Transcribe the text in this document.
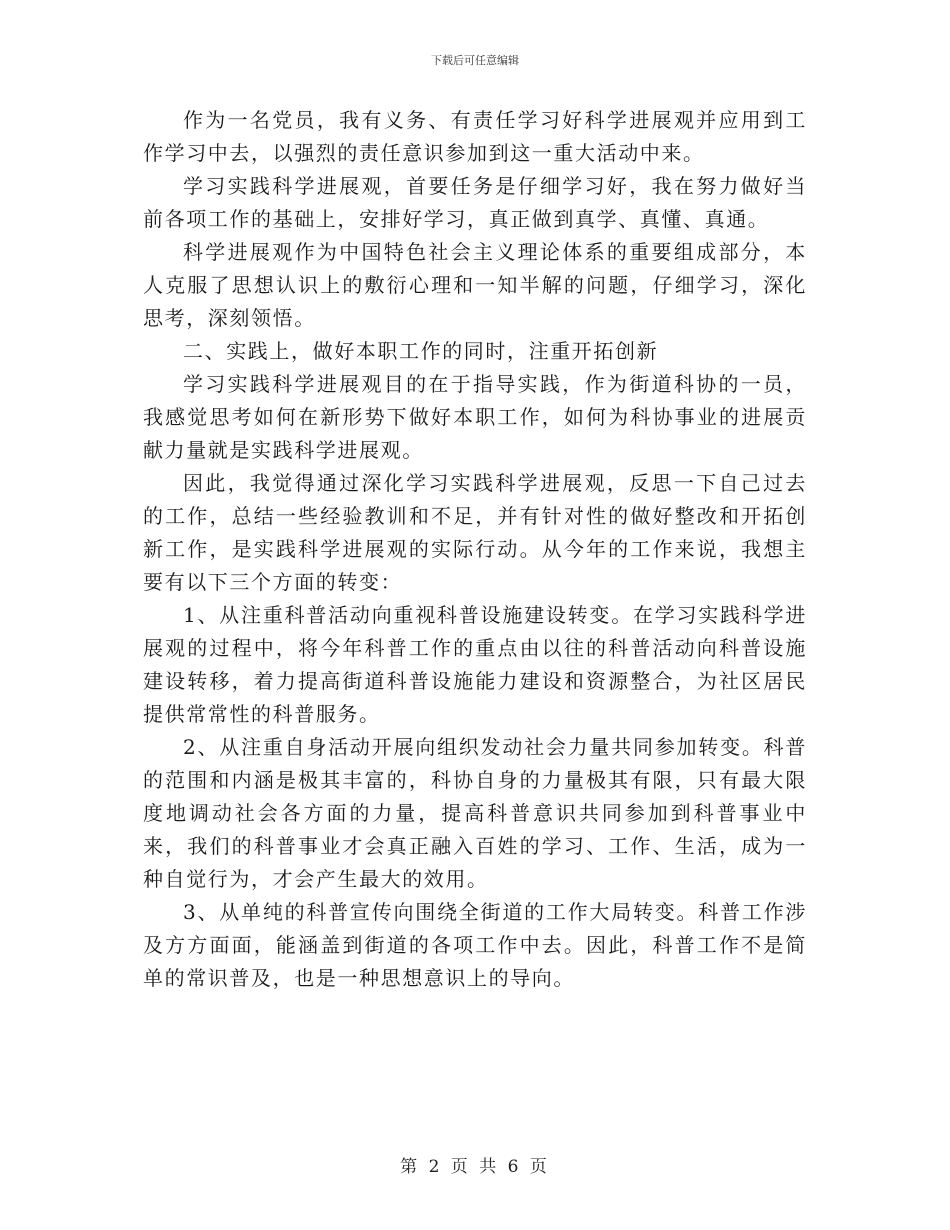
下载后可任意编辑

作为一名党员，我有义务、有责任学习好科学进展观并应用到工作学习中去，以强烈的责任意识参加到这一重大活动中来。

学习实践科学进展观，首要任务是仔细学习好，我在努力做好当前各项工作的基础上，安排好学习，真正做到真学、真懂、真通。

科学进展观作为中国特色社会主义理论体系的重要组成部分，本人克服了思想认识上的敷衍心理和一知半解的问题，仔细学习，深化思考，深刻领悟。

二、实践上，做好本职工作的同时，注重开拓创新

学习实践科学进展观目的在于指导实践，作为街道科协的一员，我感觉思考如何在新形势下做好本职工作，如何为科协事业的进展贡献力量就是实践科学进展观。

因此，我觉得通过深化学习实践科学进展观，反思一下自己过去的工作，总结一些经验教训和不足，并有针对性的做好整改和开拓创新工作，是实践科学进展观的实际行动。从今年的工作来说，我想主要有以下三个方面的转变：

1、从注重科普活动向重视科普设施建设转变。在学习实践科学进展观的过程中，将今年科普工作的重点由以往的科普活动向科普设施建设转移，着力提高街道科普设施能力建设和资源整合，为社区居民提供常常性的科普服务。

2、从注重自身活动开展向组织发动社会力量共同参加转变。科普的范围和内涵是极其丰富的，科协自身的力量极其有限，只有最大限度地调动社会各方面的力量，提高科普意识共同参加到科普事业中来，我们的科普事业才会真正融入百姓的学习、工作、生活，成为一种自觉行为，才会产生最大的效用。

3、从单纯的科普宣传向围绕全街道的工作大局转变。科普工作涉及方方面面，能涵盖到街道的各项工作中去。因此，科普工作不是简单的常识普及，也是一种思想意识上的导向。

第 2 页 共 6 页
